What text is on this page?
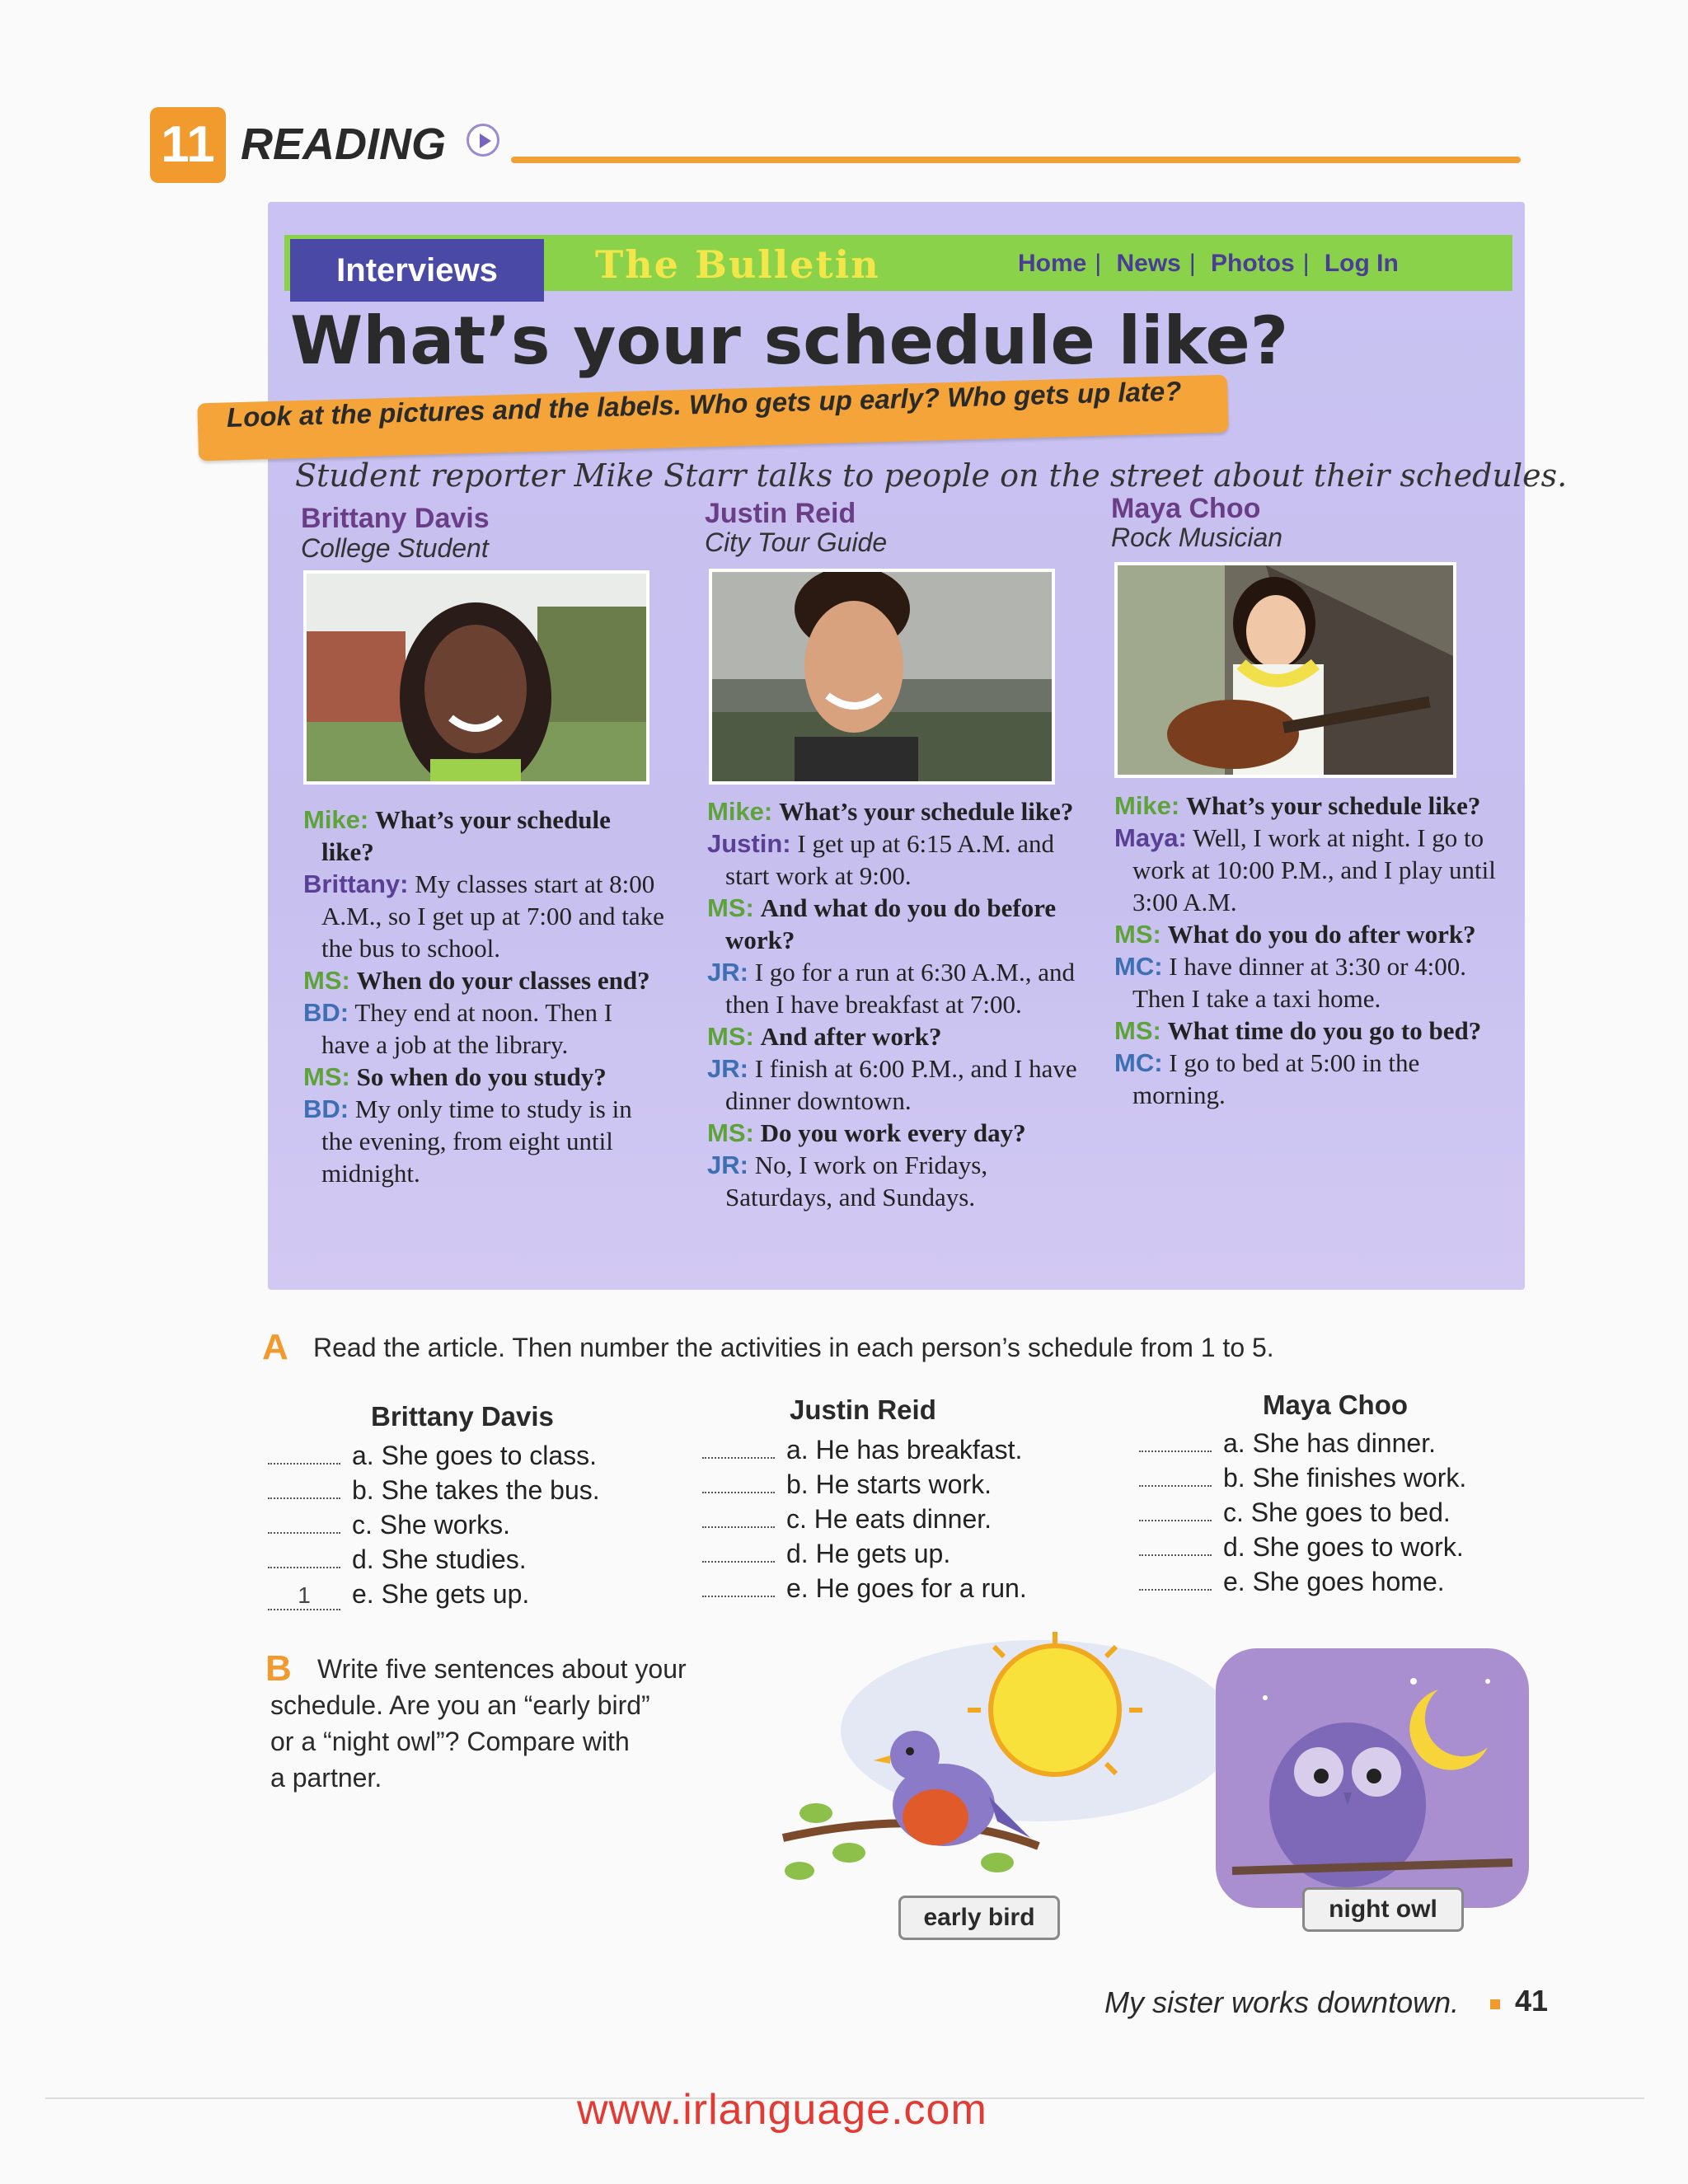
11 READING
Interviews	The Bulletin	Home | News | Photos | Log In
What’s your schedule like?
Look at the pictures and the labels. Who gets up early? Who gets up late?
Student reporter Mike Starr talks to people on the street about their schedules.
Brittany Davis
College Student
Justin Reid
City Tour Guide
Maya Choo
Rock Musician

Mike: What’s your schedule like?

Brittany: My classes start at 8:00 A.M., so I get up at 7:00 and take the bus to school.

MS: When do your classes end?

BD: They end at noon. Then I have a job at the library.

MS: So when do you study?

BD: My only time to study is in the evening, from eight until midnight.

Mike: What’s your schedule like?

Justin: I get up at 6:15 A.M. and start work at 9:00.

MS: And what do you do before work?

JR: I go for a run at 6:30 A.M., and then I have breakfast at 7:00.

MS: And after work?

JR: I finish at 6:00 P.M., and I have dinner downtown.

MS: Do you work every day?

JR: No, I work on Fridays, Saturdays, and Sundays.

Mike: What’s your schedule like?

Maya: Well, I work at night. I go to work at 10:00 P.M., and I play until 3:00 A.M.

MS: What do you do after work?

MC: I have dinner at 3:30 or 4:00. Then I take a taxi home.

MS: What time do you go to bed?

MC: I go to bed at 5:00 in the morning.

A Read the article. Then number the activities in each person’s schedule from 1 to 5.
Brittany Davis	Justin Reid	Maya Choo
a. She goes to class.
b. She takes the bus.
c. She works.
d. She studies.
1 e. She gets up.
a. He has breakfast.
b. He starts work.
c. He eats dinner.
d. He gets up.
e. He goes for a run.
a. She has dinner.
b. She finishes work.
c. She goes to bed.
d. She goes to work.
e. She goes home.
B Write five sentences about your
schedule. Are you an “early bird”
or a “night owl”? Compare with
a partner.
early bird	night owl
My sister works downtown. 41
www.irlanguage.com
